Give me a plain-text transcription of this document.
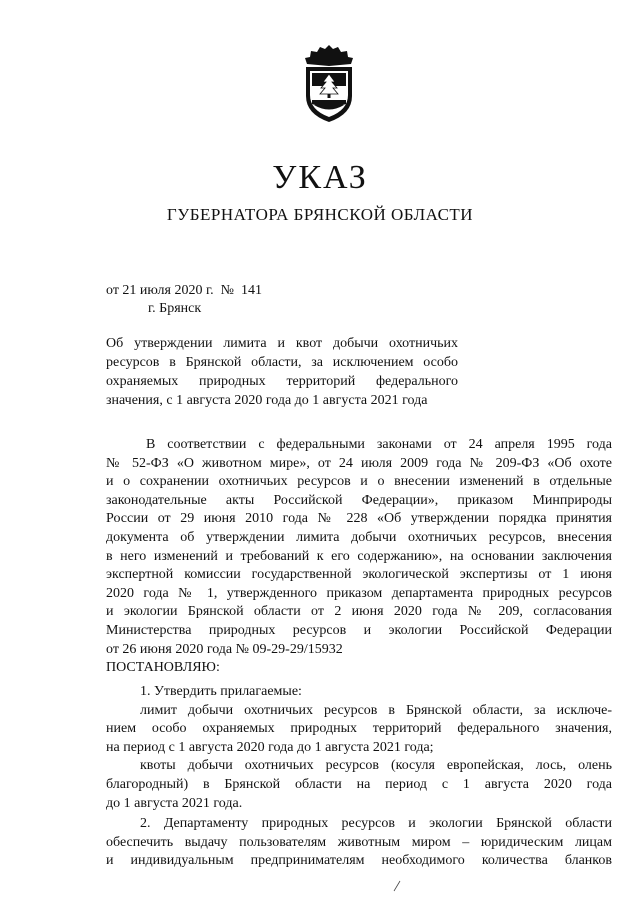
УКАЗ
ГУБЕРНАТОРА БРЯНСКОЙ ОБЛАСТИ
от 21 июля 2020 г.  №  141
г. Брянск
Об утверждении лимита и квот добычи охотничьих
ресурсов в Брянской области, за исключением особо
охраняемых природных территорий федерального
значения, с 1 августа 2020 года до 1 августа 2021 года
В соответствии с федеральными законами от 24 апреля 1995 года
№ 52-ФЗ «О животном мире», от 24 июля 2009 года № 209-ФЗ «Об охоте
и о сохранении охотничьих ресурсов и о внесении изменений в отдельные
законодательные акты Российской Федерации», приказом Минприроды
России от 29 июня 2010 года № 228 «Об утверждении порядка принятия
документа об утверждении лимита добычи охотничьих ресурсов, внесения
в него изменений и требований к его содержанию», на основании заключения
экспертной комиссии государственной экологической экспертизы от 1 июня
2020 года № 1, утвержденного приказом департамента природных ресурсов
и экологии Брянской области от 2 июня 2020 года № 209, согласования
Министерства природных ресурсов и экологии Российской Федерации
от 26 июня 2020 года № 09-29-29/15932
ПОСТАНОВЛЯЮ:
1. Утвердить прилагаемые:
лимит добычи охотничьих ресурсов в Брянской области, за исключе-
нием особо охраняемых природных территорий федерального значения,
на период с 1 августа 2020 года до 1 августа 2021 года;
квоты добычи охотничьих ресурсов (косуля европейская, лось, олень
благородный) в Брянской области на период с 1 августа 2020 года
до 1 августа 2021 года.
2. Департаменту природных ресурсов и экологии Брянской области
обеспечить выдачу пользователям животным миром – юридическим лицам
и индивидуальным предпринимателям необходимого количества бланков
